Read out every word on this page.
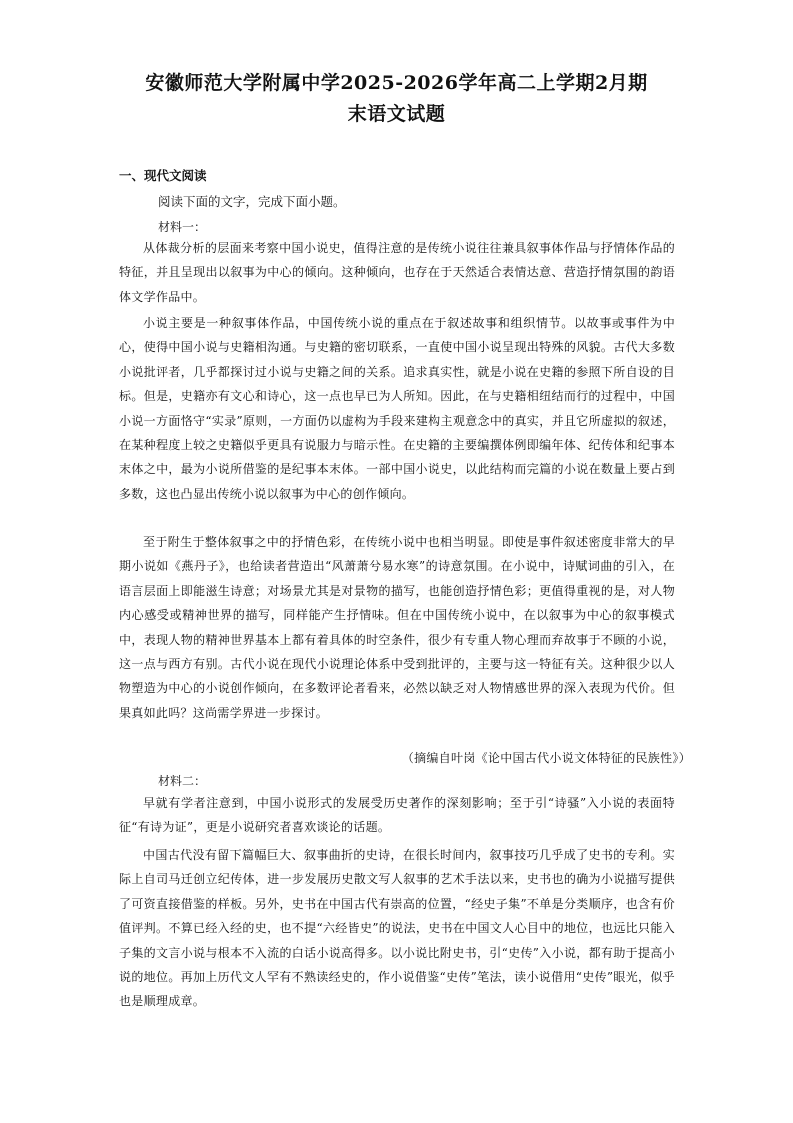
安徽师范大学附属中学2025-2026学年高二上学期2月期
末语文试题
一、现代文阅读
阅读下面的文字，完成下面小题。
材料一：

从体裁分析的层面来考察中国小说史，值得注意的是传统小说往往兼具叙事体作品与抒情体作品的特征，并且呈现出以叙事为中心的倾向。这种倾向，也存在于天然适合表情达意、营造抒情氛围的韵语体文学作品中。

小说主要是一种叙事体作品，中国传统小说的重点在于叙述故事和组织情节。以故事或事件为中心，使得中国小说与史籍相沟通。与史籍的密切联系，一直使中国小说呈现出特殊的风貌。古代大多数小说批评者，几乎都探讨过小说与史籍之间的关系。追求真实性，就是小说在史籍的参照下所自设的目标。但是，史籍亦有文心和诗心，这一点也早已为人所知。因此，在与史籍相纽结而行的过程中，中国小说一方面恪守“实录”原则，一方面仍以虚构为手段来建构主观意念中的真实，并且它所虚拟的叙述，在某种程度上较之史籍似乎更具有说服力与暗示性。在史籍的主要编撰体例即编年体、纪传体和纪事本末体之中，最为小说所借鉴的是纪事本末体。一部中国小说史，以此结构而完篇的小说在数量上要占到多数，这也凸显出传统小说以叙事为中心的创作倾向。

至于附生于整体叙事之中的抒情色彩，在传统小说中也相当明显。即使是事件叙述密度非常大的早期小说如《燕丹子》，也给读者营造出“风萧萧兮易水寒”的诗意氛围。在小说中，诗赋词曲的引入，在语言层面上即能滋生诗意；对场景尤其是对景物的描写，也能创造抒情色彩；更值得重视的是，对人物内心感受或精神世界的描写，同样能产生抒情味。但在中国传统小说中，在以叙事为中心的叙事模式中，表现人物的精神世界基本上都有着具体的时空条件，很少有专重人物心理而弃故事于不顾的小说，这一点与西方有别。古代小说在现代小说理论体系中受到批评的，主要与这一特征有关。这种很少以人物塑造为中心的小说创作倾向，在多数评论者看来，必然以缺乏对人物情感世界的深入表现为代价。但果真如此吗？这尚需学界进一步探讨。

（摘编自叶岗《论中国古代小说文体特征的民族性》）
材料二：

早就有学者注意到，中国小说形式的发展受历史著作的深刻影响；至于引“诗骚”入小说的表面特征“有诗为证”，更是小说研究者喜欢谈论的话题。

中国古代没有留下篇幅巨大、叙事曲折的史诗，在很长时间内，叙事技巧几乎成了史书的专利。实际上自司马迁创立纪传体，进一步发展历史散文写人叙事的艺术手法以来，史书也的确为小说描写提供了可资直接借鉴的样板。另外，史书在中国古代有崇高的位置，“经史子集”不单是分类顺序，也含有价值评判。不算已经入经的史，也不提“六经皆史”的说法，史书在中国文人心目中的地位，也远比只能入子集的文言小说与根本不入流的白话小说高得多。以小说比附史书，引“史传”入小说，都有助于提高小说的地位。再加上历代文人罕有不熟读经史的，作小说借鉴“史传”笔法，读小说借用“史传”眼光，似乎也是顺理成章。
